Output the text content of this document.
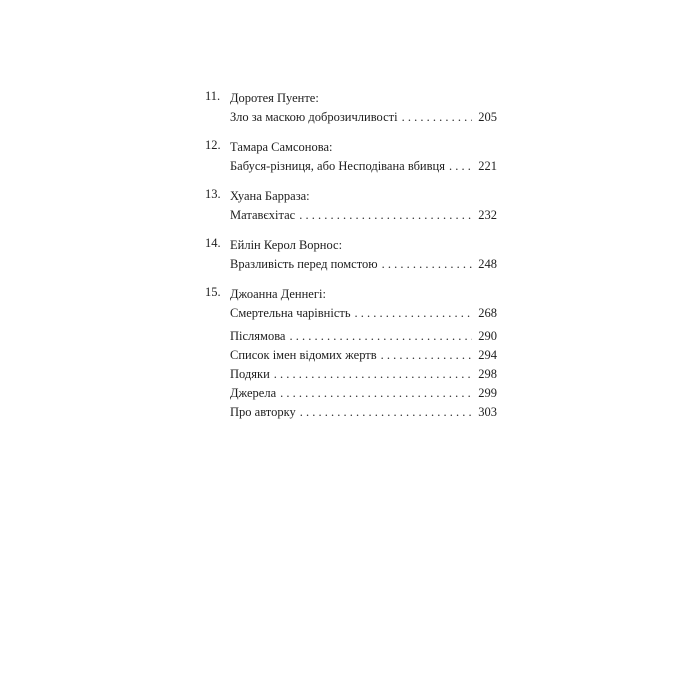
11. Доротея Пуенте:
Зло за маскою доброзичливості . . .	205
12. Тамара Самсонова:
Бабуся-різниця, або Несподівана вбивця . . .	221
13. Хуана Барраза:
Матавєхітас . . .	232
14. Ейлін Керол Ворнос:
Вразливість перед помстою . . .	248
15. Джоанна Деннегі:
Смертельна чарівність . . .	268
Післямова . . .	290
Список імен відомих жертв . . .	294
Подяки . . .	298
Джерела . . .	299
Про авторку . . .	303
